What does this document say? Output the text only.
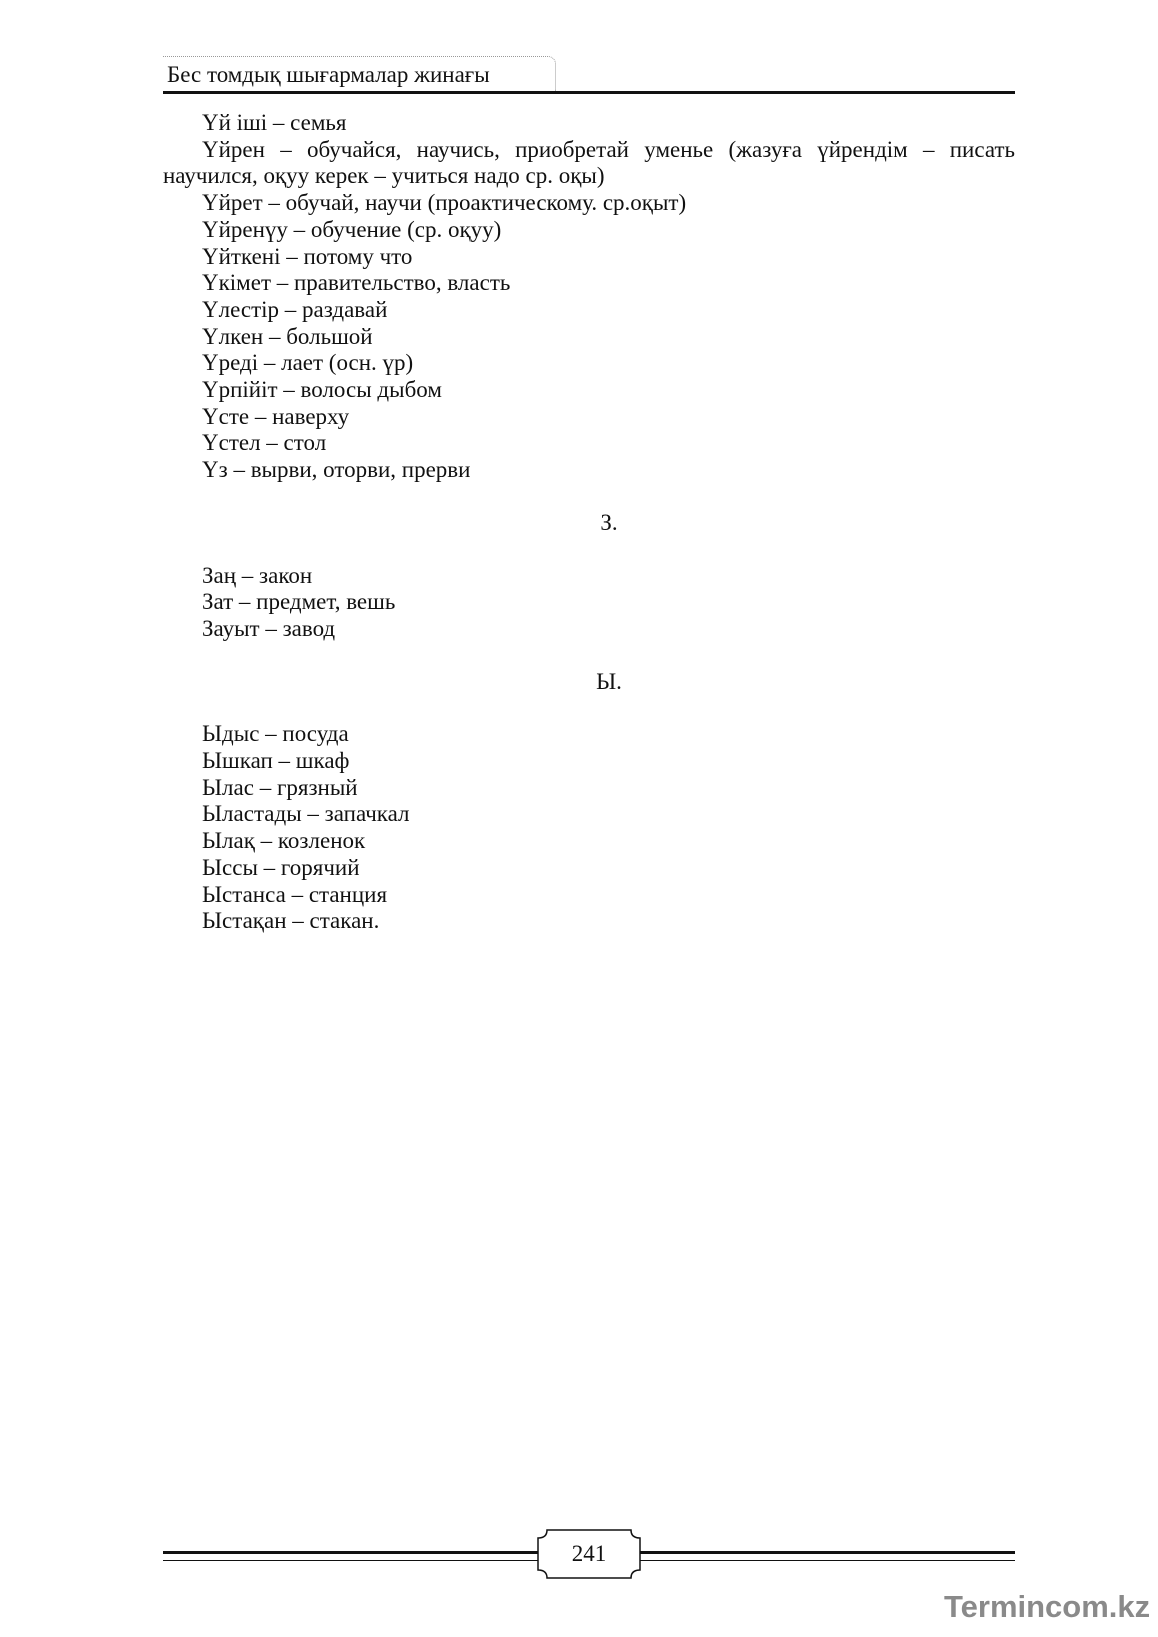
Бес томдық шығармалар жинағы

Үй іші – семья

Үйрен – обучайся, научись, приобретай уменье (жазуға үйрендім – писать научился, оқуу керек – учиться надо ср. оқы)

Үйрет – обучай, научи (проактическому. ср.оқыт)

Үйренүу – обучение (ср. оқуу)

Үйткені – потому что

Үкімет – правительство, власть

Үлестір – раздавай

Үлкен – большой

Үреді – лает (осн. үр)

Үрпійіт – волосы дыбом

Үсте – наверху

Үстел – стол

Үз – вырви, оторви, прерви

З.

Заң – закон

Зат – предмет, вешь

Зауыт – завод

Ы.

Ыдыс – посуда

Ышкап – шкаф

Ылас – грязный

Ыластады – запачкал

Ылақ – козленок

Ыссы – горячий

Ыстанса – станция

Ыстақан – стакан.

241
Termincom.kz
